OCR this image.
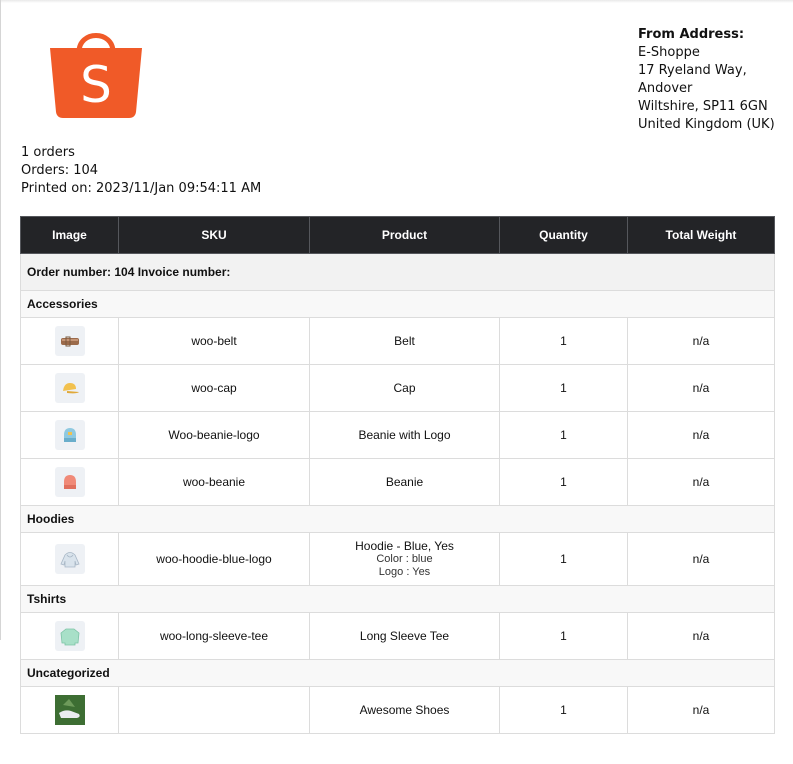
S
From Address:
E-Shoppe
17 Ryeland Way,
Andover
Wiltshire, SP11 6GN
United Kingdom (UK)
1 orders
Orders: 104
Printed on: 2023/11/Jan 09:54:11 AM
Image	SKU	Product	Quantity	Total Weight
Order number: 104 Invoice number:				
Accessories				

	woo-belt	Belt	1	n/a

	woo-cap	Cap	1	n/a

	Woo-beanie-logo	Beanie with Logo	1	n/a

	woo-beanie	Beanie	1	n/a
Hoodies				

	woo-hoodie-blue-logo	Hoodie - Blue, Yes
Color : blue
Logo : Yes	1	n/a
Tshirts				

	woo-long-sleeve-tee	Long Sleeve Tee	1	n/a
Uncategorized				

		Awesome Shoes	1	n/a
